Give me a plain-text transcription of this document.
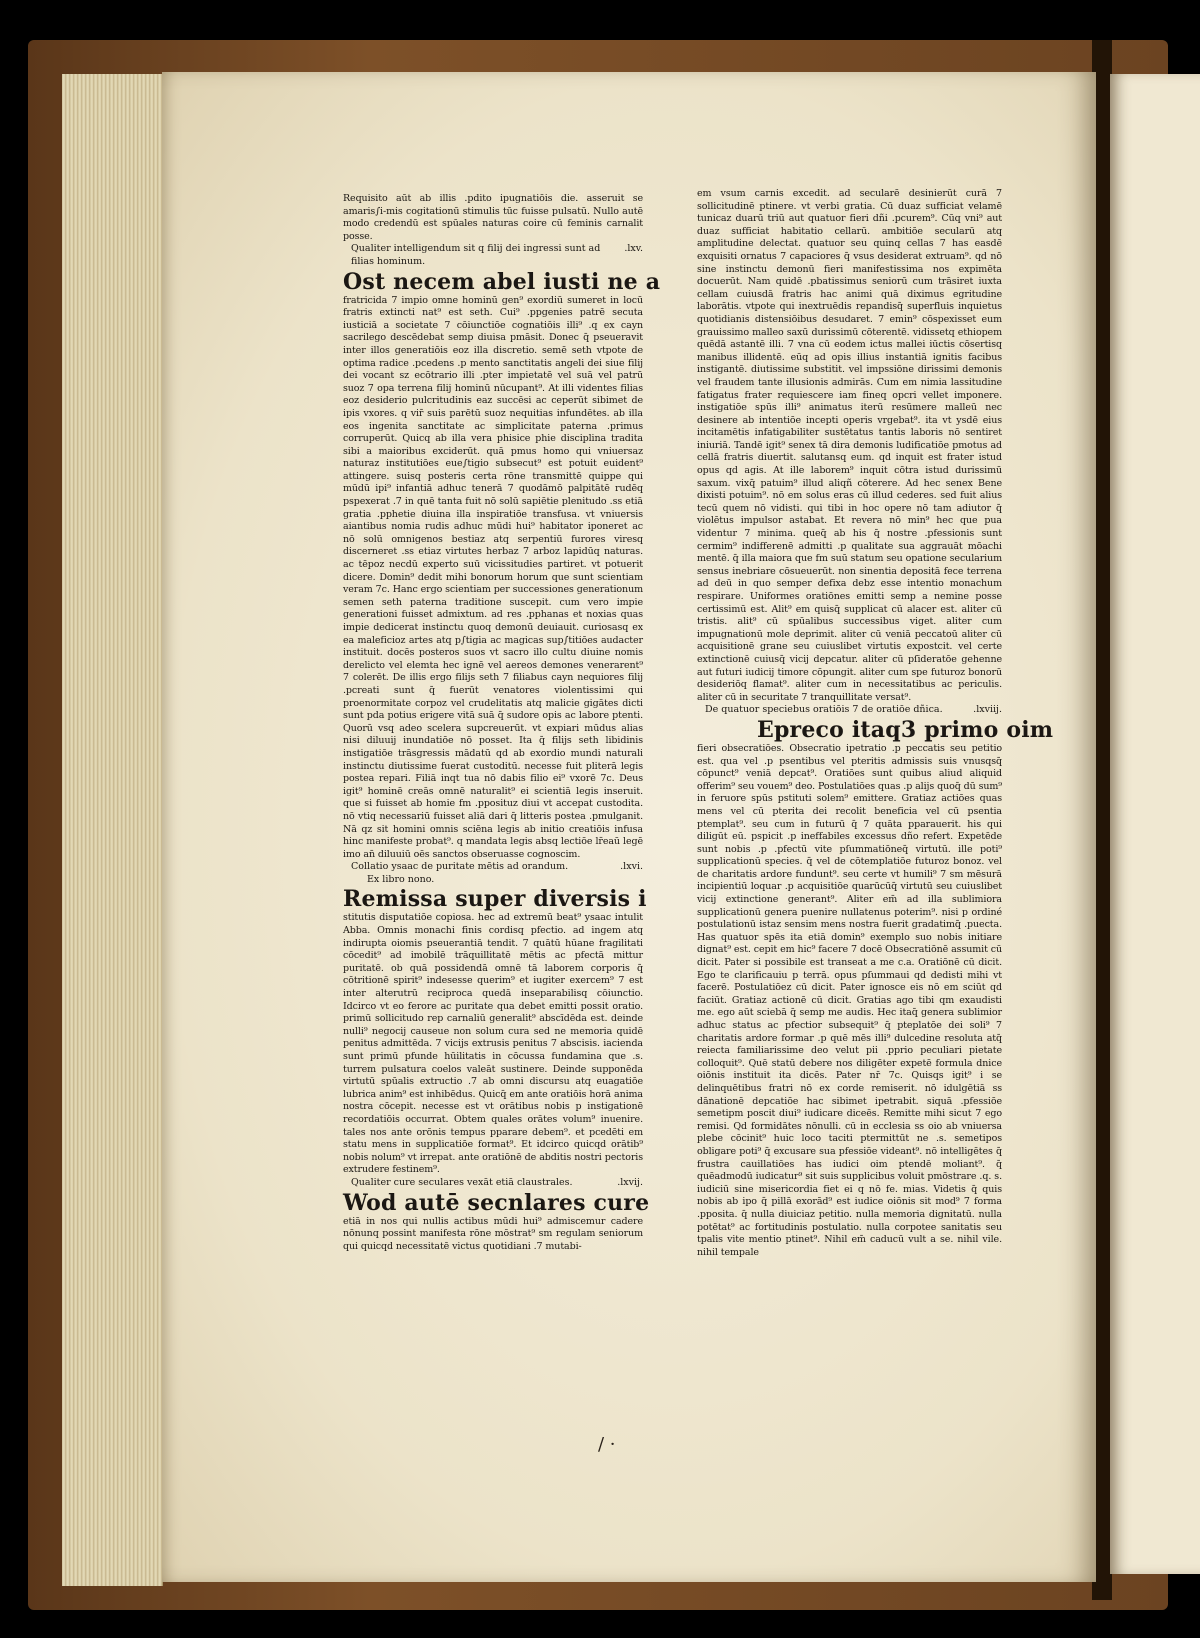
Requisito aūt ab illis .pdito ipugnatiōis die. asseruit se amaris∫i-mis cogitationū stimulis tūc fuisse pulsatū. Nullo autē modo credendū est spūales naturas coire cū feminis carnalit posse.

Qualiter intelligendum sit q filij dei ingressi sunt ad filias hominum.
.lxv.

Ost necem abel iusti ne a

fratricida 7 impio omne hominū gen⁹ exordiū sumeret in locū fratris extincti nat⁹ est seth. Cui⁹ .ppgenies patrē secuta iusticiā a societate 7 cōiunctiōe cognatiōis illi⁹ .q ex cayn sacrilego descēdebat semp diuisa pmāsit. Donec q̄ pseueravit inter illos generatiōis eoz illa discretio. semē seth vtpote de optima radice .pcedens .p mento sanctitatis angeli dei siue filij dei vocant sz ecōtrario illi .pter impietatē vel suā vel patrū suoz 7 opa terrena filij hominū nūcupant⁹. At illi videntes filias eoz desiderio pulcritudinis eaz succēsi ac ceperūt sibimet de ipis vxores. q vir̄ suis parētū suoz nequitias infundētes. ab illa eos ingenita sanctitate ac simplicitate paterna .primus corruperūt. Quicq ab illa vera phisice phie disciplina tradita sibi a maioribus exciderūt. quā pmus homo qui vniuersaz naturaz institutiōes eue∫tigio subsecut⁹ est potuit euident⁹ attingere. suisq posteris certa rōne transmittē quippe qui mūdū ipi⁹ infantiā adhuc tenerā 7 quodāmō palpitātē rudēq pspexerat .7 in quē tanta fuit nō solū sapiētie plenitudo .ss etiā gratia .pphetie diuina illa inspiratiōe transfusa. vt vniuersis aiantibus nomia rudis adhuc mūdi hui⁹ habitator iponeret ac nō solū omnigenos bestiaz atq serpentiū furores viresq discerneret .ss etiaz virtutes herbaz 7 arboz lapidūq naturas. ac tēpoz necdū experto suū vicissitudies partiret. vt potuerit dicere. Domin⁹ dedit mihi bonorum horum que sunt scientiam veram 7c. Hanc ergo scientiam per successiones generationum semen seth paterna traditione suscepit. cum vero impie generationi fuisset admixtum. ad res .pphanas et noxias quas impie dedicerat instinctu quoq demonū deuiauit. curiosasq ex ea maleficioz artes atq p∫tigia ac magicas sup∫titiōes audacter instituit. docēs posteros suos vt sacro illo cultu diuine nomis derelicto vel elemta hec ignē vel aereos demones venerarent⁹ 7 colerēt. De illis ergo filijs seth 7 filiabus cayn nequiores filij .pcreati sunt q̄ fuerūt venatores violentissimi qui proenormitate corpoz vel crudelitatis atq malicie gigātes dicti sunt pda potius erigere vitā suā q̄ sudore opis ac labore ptenti. Quorū vsq adeo scelera supcreuerūt. vt expiari mūdus alias nisi diluuij inundatiōe nō posset. Ita q̄ filijs seth libidinis instigatiōe trāsgressis mādatū qd ab exordio mundi naturali instinctu diutissime fuerat custoditū. necesse fuit pliterā legis postea repari. Filiā inqt tua nō dabis filio ei⁹ vxorē 7c. Deus igit⁹ hominē creās omnē naturalit⁹ ei scientiā legis inseruit. que si fuisset ab homie fm .pposituz diui vt accepat custodita. nō vtiq necessariū fuisset aliā dari q̄ litteris postea .pmulganit. Nā qz sit homini omnis sciēna legis ab initio creatiōis infusa hinc manifeste probat⁹. q mandata legis absq lectiōe lr̄eaū legē imo an̄ diluuiū oēs sanctos obseruasse cognoscim.

Collatio ysaac de puritate mētis ad orandum.	.lxvi.

Ex libro nono.

Remissa super diversis i

stitutis disputatiōe copiosa. hec ad extremū beat⁹ ysaac intulit Abba. Omnis monachi finis cordisq pfectio. ad ingem atq indirupta oiomis pseuerantiā tendit. 7 quātū hūane fragilitati cōcedit⁹ ad imobilē trāquillitatē mētis ac pfectā mittur puritatē. ob quā possidendā omnē tā laborem corporis q̄ cōtritionē spirit⁹ indesesse querim⁹ et iugiter exercem⁹ 7 est inter alterutrū reciproca quedā inseparabilisq cōiunctio. Idcirco vt eo ferore ac puritate qua debet emitti possit oratio. primū sollicitudo rep carnaliū generalit⁹ abscīdēda est. deinde nulli⁹ negocij causeue non solum cura sed ne memoria quidē penitus admittēda. 7 vicijs extrusis penitus 7 abscisis. iacienda sunt primū pfunde hūilitatis in cōcussa fundamina que .s. turrem pulsatura coelos valeāt sustinere. Deinde supponēda virtutū spūalis extructio .7 ab omni discursu atq euagatiōe lubrica anim⁹ est inhibēdus. Quicq̄ em ante oratiōis horā anima nostra cōcepit. necesse est vt orātibus nobis p instigationē recordatiōis occurrat. Obtem quales orātes volum⁹ inuenire. tales nos ante orōnis tempus pparare debem⁹. et pcedēti em statu mens in supplicatiōe format⁹. Et idcirco quicqd orātib⁹ nobis nolum⁹ vt irrepat. ante oratiōnē de abditis nostri pectoris extrudere festinem⁹.

Qualiter cure seculares vexāt etiā claustrales.	.lxvij.

Wod autē secnlares cure

etiā in nos qui nullis actibus mūdi hui⁹ admiscemur cadere nōnunq possint manifesta rōne mōstrat⁹ sm regulam seniorum qui quicqd necessitatē victus quotidiani .7 mutabi-

em vsum carnis excedit. ad secularē desinierūt curā 7 sollicitudinē ptinere. vt verbi gratia. Cū duaz sufficiat velamē tunicaz duarū triū aut quatuor fieri dñi .pcurem⁹. Cūq vni⁹ aut duaz sufficiat habitatio cellarū. ambitiōe secularū atq amplitudine delectat. quatuor seu quinq cellas 7 has easdē exquisiti ornatus 7 capaciores q̄ vsus desiderat extruam⁹. qd nō sine instinctu demonū fieri manifestissima nos expimēta docuerūt. Nam quidē .pbatissimus seniorū cum trāsiret iuxta cellam cuiusdā fratris hac animi quā diximus egritudine laborātis. vtpote qui inextruēdis repandisq̄ superfluis inquietus quotidianis distensiōibus desudaret. 7 emin⁹ cōspexisset eum grauissimo malleo saxū durissimū cōterentē. vidissetq ethiopem quēdā astantē illi. 7 vna cū eodem ictus mallei iūctis cōsertisq manibus illidentē. eūq ad opis illius instantiā ignitis facibus instigantē. diutissime substitit. vel impssiōne dirissimi demonis vel fraudem tante illusionis admirās. Cum em nimia lassitudine fatigatus frater requiescere iam fineq opcri vellet imponere. instigatiōe spūs illi⁹ animatus iterū resūmere malleū nec desinere ab intentiōe incepti operis vrgebat⁹. ita vt ysdē eius incitamētis infatigabiliter sustētatus tantis laboris nō sentiret iniuriā. Tandē igit⁹ senex tā dira demonis ludificatiōe pmotus ad cellā fratris diuertit. salutansq eum. qd inquit est frater istud opus qd agis. At ille laborem⁹ inquit cōtra istud durissimū saxum. vixq̄ patuim⁹ illud aliqñ cōterere. Ad hec senex Bene dixisti potuim⁹. nō em solus eras cū illud cederes. sed fuit alius tecū quem nō vidisti. qui tibi in hoc opere nō tam adiutor q̄ violētus impulsor astabat. Et revera nō min⁹ hec que pua videntur 7 minima. queq̄ ab his q̄ nostre .pfessionis sunt cermim⁹ indifferenē admitti .p qualitate sua aggrauāt mōachi mentē. q̄ illa maiora que fm suū statum seu opatione secularium sensus inebriare cōsueuerūt. non sinentia depositā fece terrena ad deū in quo semper defixa debz esse intentio monachum respirare. Uniformes oratiōnes emitti semp a nemine posse certissimū est. Alit⁹ em quisq̄ supplicat cū alacer est. aliter cū tristis. alit⁹ cū spūalibus successibus viget. aliter cum impugnationū mole deprimit. aliter cū veniā peccatoū aliter cū acquisitionē grane seu cuiuslibet virtutis expostcit. vel certe extinctionē cuiusq̄ vicij depcatur. aliter cū pſideratōe gehenne aut futuri iudicij timore cōpungit. aliter cum spe futuroz bonorū desideriōq flamat⁹. aliter cum in necessitatibus ac periculis. aliter cū in securitate 7 tranquillitate versat⁹.

De quatuor speciebus oratiōis 7 de oratiōe dñica.	.lxviij.

Epreco itaq3 primo oim

fieri obsecratiōes. Obsecratio ipetratio .p peccatis seu petitio est. qua vel .p psentibus vel pteritis admissis suis vnusqsq̄ cōpunct⁹ veniā depcat⁹. Oratiōes sunt quibus aliud aliquid offerim⁹ seu vouem⁹ deo. Postulatiōes quas .p alijs quoq̄ dū sum⁹ in feruore spūs pstituti solem⁹ emittere. Gratiaz actiōes quas mens vel cū pterita dei recolit beneficia vel cū psentia ptemplat⁹. seu cum in futurū q̄ 7 quāta pparauerit. his qui diligūt eū. pspicit .p ineffabiles excessus dño refert. Expetēde sunt nobis .p .pfectū vite pſummatiōneq̄ virtutū. ille poti⁹ supplicationū species. q̄ vel de cōtemplatiōe futuroz bonoz. vel de charitatis ardore fundunt⁹. seu certe vt humili⁹ 7 sm mēsurā incipientiū loquar .p acquisitiōe quarūcūq̄ virtutū seu cuiuslibet vicij extinctione generant⁹. Aliter em̄ ad illa sublimiora supplicationū genera puenire nullatenus poterim⁹. nisi p ordiné postulationū istaz sensim mens nostra fuerit gradatimq̄ .puecta. Has quatuor spēs ita etiā domin⁹ exemplo suo nobis initiare dignat⁹ est. cepit em hic⁹ facere 7 docē Obsecratiōnē assumit cū dicit. Pater si possibile est transeat a me c.a. Oratiōnē cū dicit. Ego te clarificauiu p terrā. opus pſummaui qd dedisti mihi vt facerē. Postulatiōez cū dicit. Pater ignosce eis nō em sciūt qd faciūt. Gratiaz actionē cū dicit. Gratias ago tibi qm exaudisti me. ego aūt sciebā q̄ semp me audis. Hec itaq̄ genera sublimior adhuc status ac pfectior subsequit⁹ q̄ pteplatōe dei soli⁹ 7 charitatis ardore formar .p quē mēs illi⁹ dulcedine resoluta atq̄ reiecta familiarissime deo velut pii .pprio peculiari pietate colloquit⁹. Quē statū debere nos diligēter expetē formula dnice oiōnis instituit ita dicēs. Pater nr̄ 7c. Quisqs igit⁹ i se delinquētibus fratri nō ex corde remiserit. nō idulgētiā ss dānationē depcatiōe hac sibimet ipetrabit. siquā .pfessiōe semetipm poscit diui⁹ iudicare diceēs. Remitte mihi sicut 7 ego remisi. Qd formidātes nōnulli. cū in ecclesia ss oio ab vniuersa plebe cōcinit⁹ huic loco taciti ptermittūt ne .s. semetipos obligare poti⁹ q̄ excusare sua pfessiōe videant⁹. nō intelligētes q̄ frustra cauillatiōes has iudici oim ptendē moliant⁹. q̄ quēadmodū iudicatur⁹ sit suis supplicibus voluit pmōstrare .q. s. iudiciū sine misericordia fiet ei q nō fe. mias. Videtis q̄ quis nobis ab ipo q̄ pillā exorād⁹ est iudice oiōnis sit mod⁹ 7 forma .pposita. q̄ nulla diuiciaz petitio. nulla memoria dignitatū. nulla potētat⁹ ac fortitudinis postulatio. nulla corpotee sanitatis seu tpalis vite mentio ptinet⁹. Nihil em̄ caducū vult a se. nihil vile. nihil tempale

/ ·
